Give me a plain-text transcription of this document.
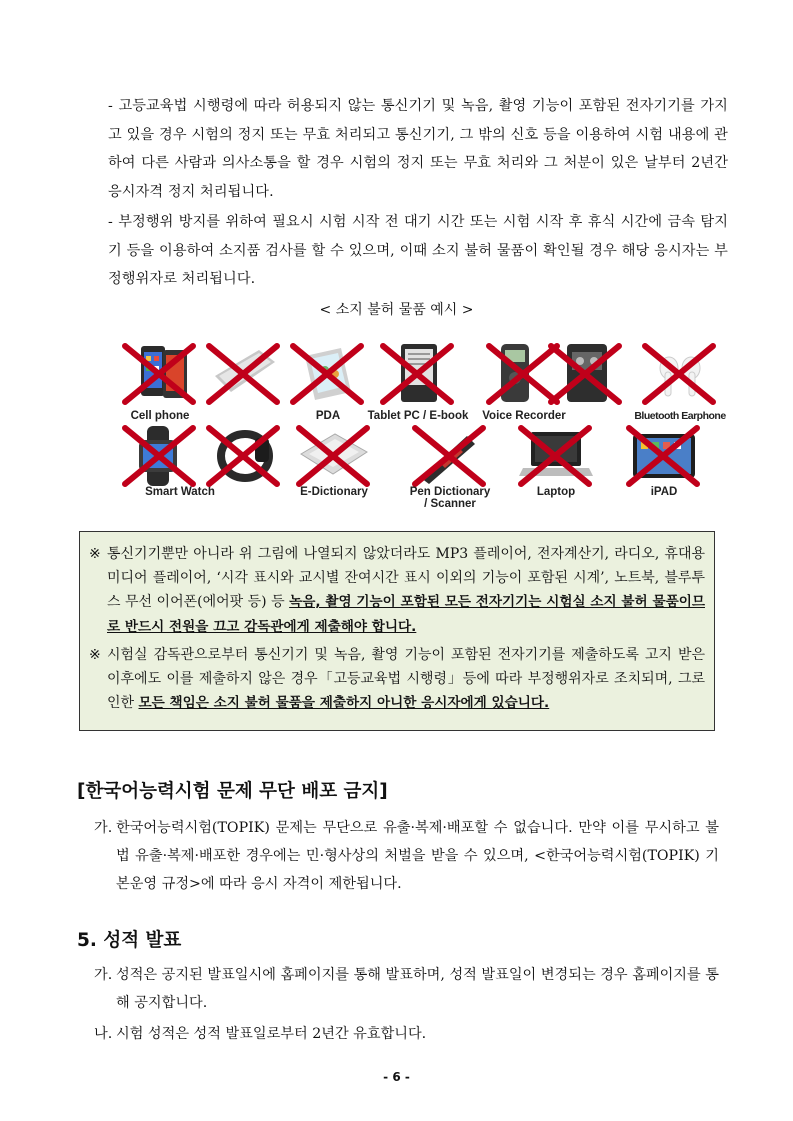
- 고등교육법 시행령에 따라 허용되지 않는 통신기기 및 녹음, 촬영 기능이 포함된 전자기기를 가지고 있을 경우 시험의 정지 또는 무효 처리되고 통신기기, 그 밖의 신호 등을 이용하여 시험 내용에 관하여 다른 사람과 의사소통을 할 경우 시험의 정지 또는 무효 처리와 그 처분이 있은 날부터 2년간 응시자격 정지 처리됩니다.
- 부정행위 방지를 위하여 필요시 시험 시작 전 대기 시간 또는 시험 시작 후 휴식 시간에 금속 탐지기 등을 이용하여 소지품 검사를 할 수 있으며, 이때 소지 불허 물품이 확인될 경우 해당 응시자는 부정행위자로 처리됩니다.
< 소지 불허 물품 예시 >
Cell phone	PDA	Tablet PC / E-book	Voice Recorder	Bluetooth Earphone
Smart Watch	E-Dictionary	Pen Dictionary
/ Scanner
Laptop	iPAD
※ 통신기기뿐만 아니라 위 그림에 나열되지 않았더라도 MP3 플레이어, 전자계산기, 라디오, 휴대용 미디어 플레이어, ‘시각 표시와 교시별 잔여시간 표시 이외의 기능이 포함된 시계’, 노트북, 블루투스 무선 이어폰(에어팟 등) 등 녹음, 촬영 기능이 포함된 모든 전자기기는 시험실 소지 불허 물품이므로 반드시 전원을 끄고 감독관에게 제출해야 합니다.
※ 시험실 감독관으로부터 통신기기 및 녹음, 촬영 기능이 포함된 전자기기를 제출하도록 고지 받은 이후에도 이를 제출하지 않은 경우「고등교육법 시행령」등에 따라 부정행위자로 조치되며, 그로 인한 모든 책임은 소지 불허 물품을 제출하지 아니한 응시자에게 있습니다.
[한국어능력시험 문제 무단 배포 금지]
가. 한국어능력시험(TOPIK) 문제는 무단으로 유출·복제·배포할 수 없습니다. 만약 이를 무시하고 불법 유출·복제·배포한 경우에는 민·형사상의 처벌을 받을 수 있으며, <한국어능력시험(TOPIK) 기본운영 규정>에 따라 응시 자격이 제한됩니다.
5. 성적 발표
가. 성적은 공지된 발표일시에 홈페이지를 통해 발표하며, 성적 발표일이 변경되는 경우 홈페이지를 통해 공지합니다.
나. 시험 성적은 성적 발표일로부터 2년간 유효합니다.
- 6 -
